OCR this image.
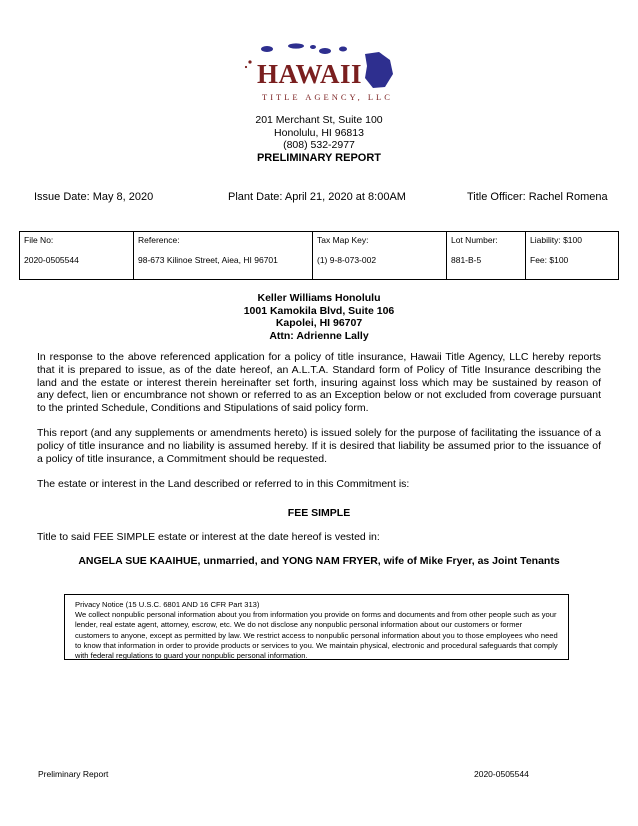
HAWAII
TITLE AGENCY, LLC
201 Merchant St, Suite 100
Honolulu, HI 96813
(808) 532-2977
PRELIMINARY REPORT
Issue Date: May 8, 2020	Plant Date: April 21, 2020 at 8:00AM	Title Officer: Rachel Romena
File No:
2020-0505544

Reference:
98-673 Kilinoe Street, Aiea, HI 96701

Tax Map Key:
(1) 9-8-073-002

Lot Number:
881-B-5

Liability: $100
Fee: $100
Keller Williams Honolulu
1001 Kamokila Blvd, Suite 106
Kapolei, HI 96707
Attn: Adrienne Lally
In response to the above referenced application for a policy of title insurance, Hawaii Title Agency, LLC hereby reports that it is prepared to issue, as of the date hereof, an A.L.T.A. Standard form of Policy of Title Insurance describing the land and the estate or interest therein hereinafter set forth, insuring against loss which may be sustained by reason of any defect, lien or encumbrance not shown or referred to as an Exception below or not excluded from coverage pursuant to the printed Schedule, Conditions and Stipulations of said policy form.
This report (and any supplements or amendments hereto) is issued solely for the purpose of facilitating the issuance of a policy of title insurance and no liability is assumed hereby. If it is desired that liability be assumed prior to the issuance of a policy of title insurance, a Commitment should be requested.
The estate or interest in the Land described or referred to in this Commitment is:
FEE SIMPLE
Title to said FEE SIMPLE estate or interest at the date hereof is vested in:
ANGELA SUE KAAIHUE, unmarried, and YONG NAM FRYER, wife of Mike Fryer, as Joint Tenants
Privacy Notice (15 U.S.C. 6801 AND 16 CFR Part 313)
We collect nonpublic personal information about you from information you provide on forms and documents and from other people such as your lender, real estate agent, attorney, escrow, etc. We do not disclose any nonpublic personal information about our customers or former customers to anyone, except as permitted by law. We restrict access to nonpublic personal information about you to those employees who need to know that information in order to provide products or services to you. We maintain physical, electronic and procedural safeguards that comply with federal regulations to guard your nonpublic personal information.
Preliminary Report	2020-0505544
